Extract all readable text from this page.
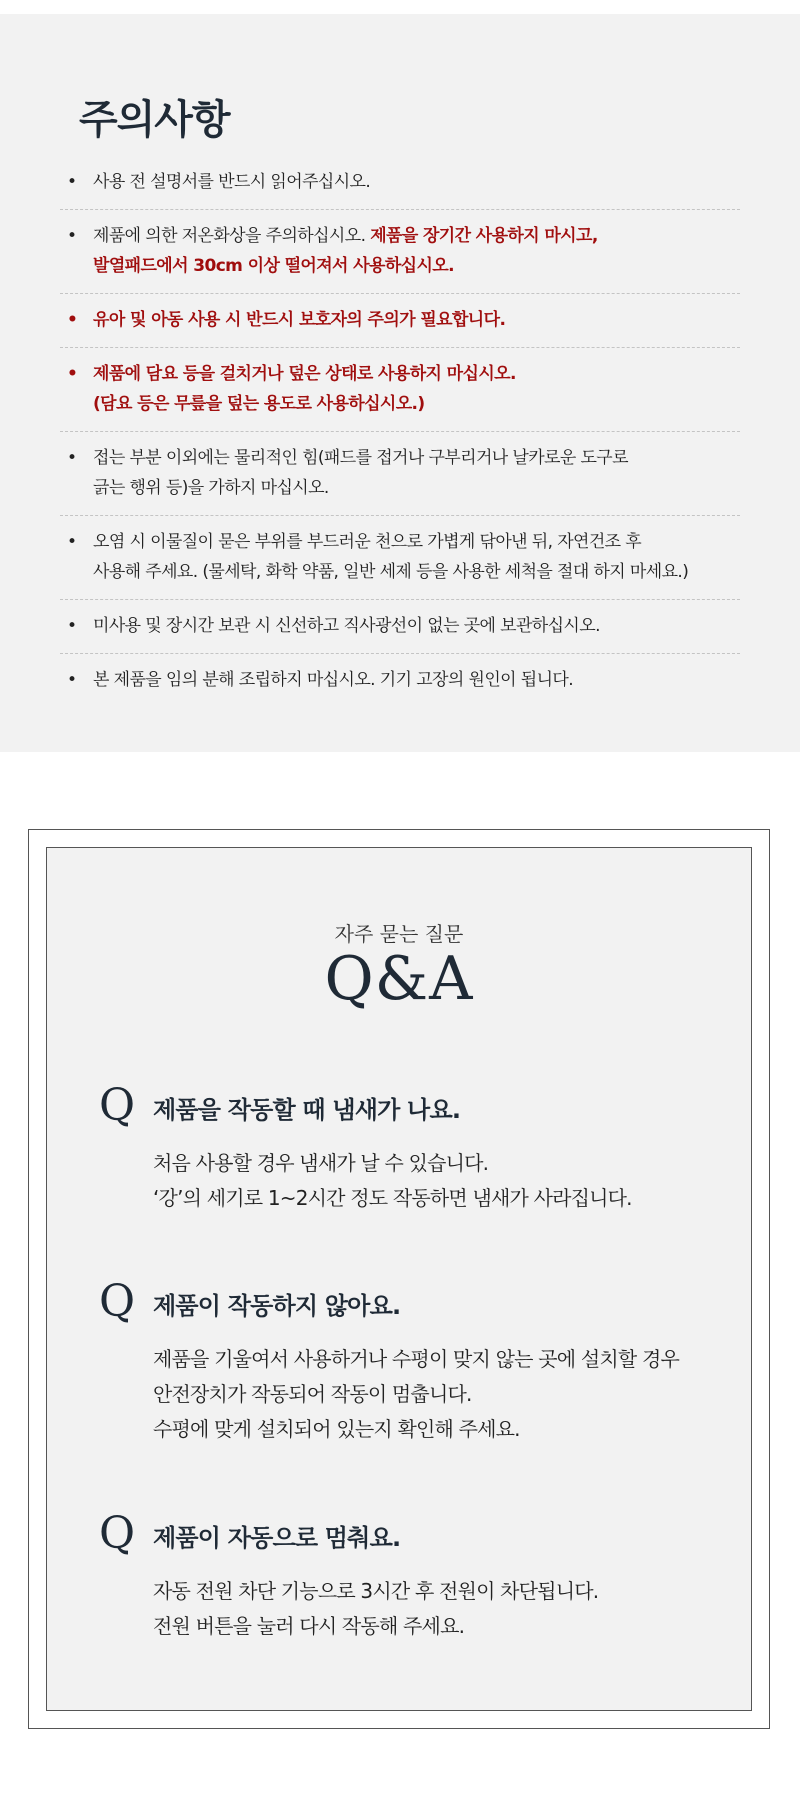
주의사항
• 사용 전 설명서를 반드시 읽어주십시오.
• 제품에 의한 저온화상을 주의하십시오. 제품을 장기간 사용하지 마시고,
발열패드에서 30cm 이상 떨어져서 사용하십시오.
• 유아 및 아동 사용 시 반드시 보호자의 주의가 필요합니다.
• 제품에 담요 등을 걸치거나 덮은 상태로 사용하지 마십시오.
(담요 등은 무릎을 덮는 용도로 사용하십시오.)
• 접는 부분 이외에는 물리적인 힘(패드를 접거나 구부리거나 날카로운 도구로
긁는 행위 등)을 가하지 마십시오.
• 오염 시 이물질이 묻은 부위를 부드러운 천으로 가볍게 닦아낸 뒤, 자연건조 후
사용해 주세요. (물세탁, 화학 약품, 일반 세제 등을 사용한 세척을 절대 하지 마세요.)
• 미사용 및 장시간 보관 시 신선하고 직사광선이 없는 곳에 보관하십시오.
• 본 제품을 임의 분해 조립하지 마십시오. 기기 고장의 원인이 됩니다.
자주 묻는 질문
Q&A
Q 제품을 작동할 때 냄새가 나요.
처음 사용할 경우 냄새가 날 수 있습니다.
‘강’의 세기로 1~2시간 정도 작동하면 냄새가 사라집니다.
Q 제품이 작동하지 않아요.
제품을 기울여서 사용하거나 수평이 맞지 않는 곳에 설치할 경우
안전장치가 작동되어 작동이 멈춥니다.
수평에 맞게 설치되어 있는지 확인해 주세요.
Q 제품이 자동으로 멈춰요.
자동 전원 차단 기능으로 3시간 후 전원이 차단됩니다.
전원 버튼을 눌러 다시 작동해 주세요.
